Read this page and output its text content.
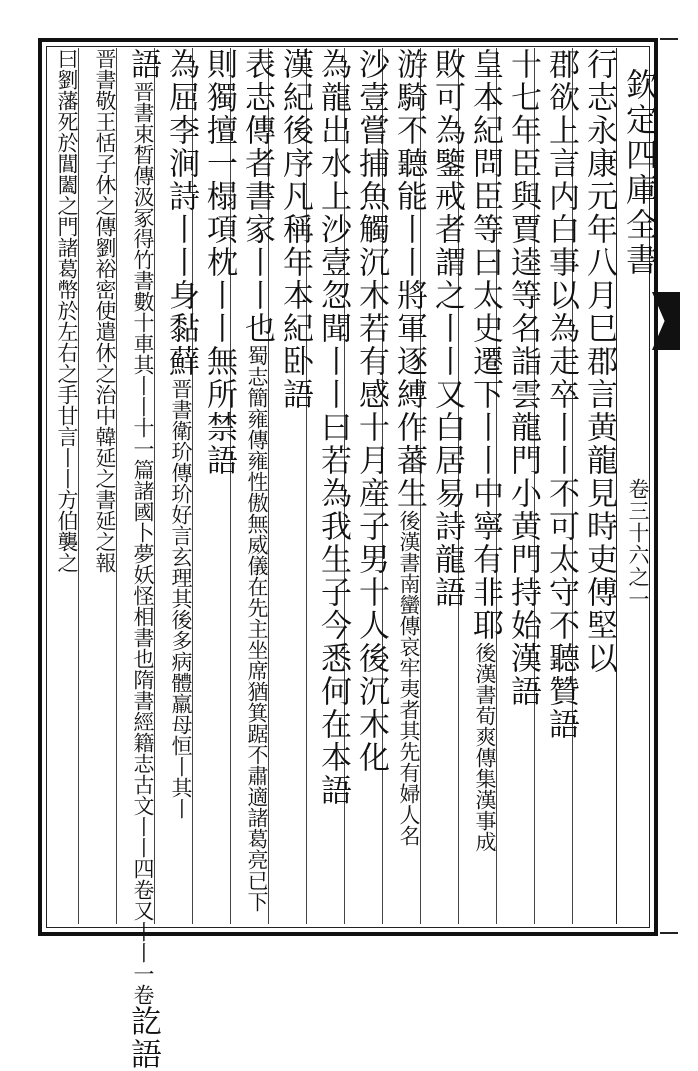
欽定四庫全書
卷三十六之一
行志永康元年八月巳郡言黄龍見時吏傅堅以
郡欲上言内白事以為走卒丨丨不可太守不聽贊語
十七年臣與賈逵等名詣雲龍門小黄門持始漢語
皇本紀問臣等曰太史遷下丨丨中寧有非耶後漢書荀爽傳集漢事成
敗可為鑒戒者謂之丨丨又白居易詩龍語
游騎不聽能丨丨將軍逐縛作蕃生後漢書南蠻傳哀牢夷者其先有婦人名
沙壹嘗捕魚觸沉木若有感十月産子男十人後沉木化
為龍出水上沙壹忽聞丨丨曰若為我生子今悉何在本語
漢紀後序凡稱年本紀卧語
表志傳者書家丨丨也蜀志簡雍傳雍性傲無威儀在先主坐席猶箕踞不肅適諸葛亮已下
則獨擅一榻項枕丨丨無所禁語
為屈李涧詩丨丨身黏蘚晋書衛玠傳玠好言玄理其後多病體羸母恒丨其丨
語晋書束晳傳汲冢得竹書數十車其丨丨十一篇諸國卜夢妖怪相書也隋書經籍志古文丨丨四卷又丨丨一卷訖語
晋書敬王恬子休之傳劉裕密使遣休之治中韓延之書延之報
曰劉藩死於閶闔之門諸葛幣於左右之手甘言丨丨方伯襲之
